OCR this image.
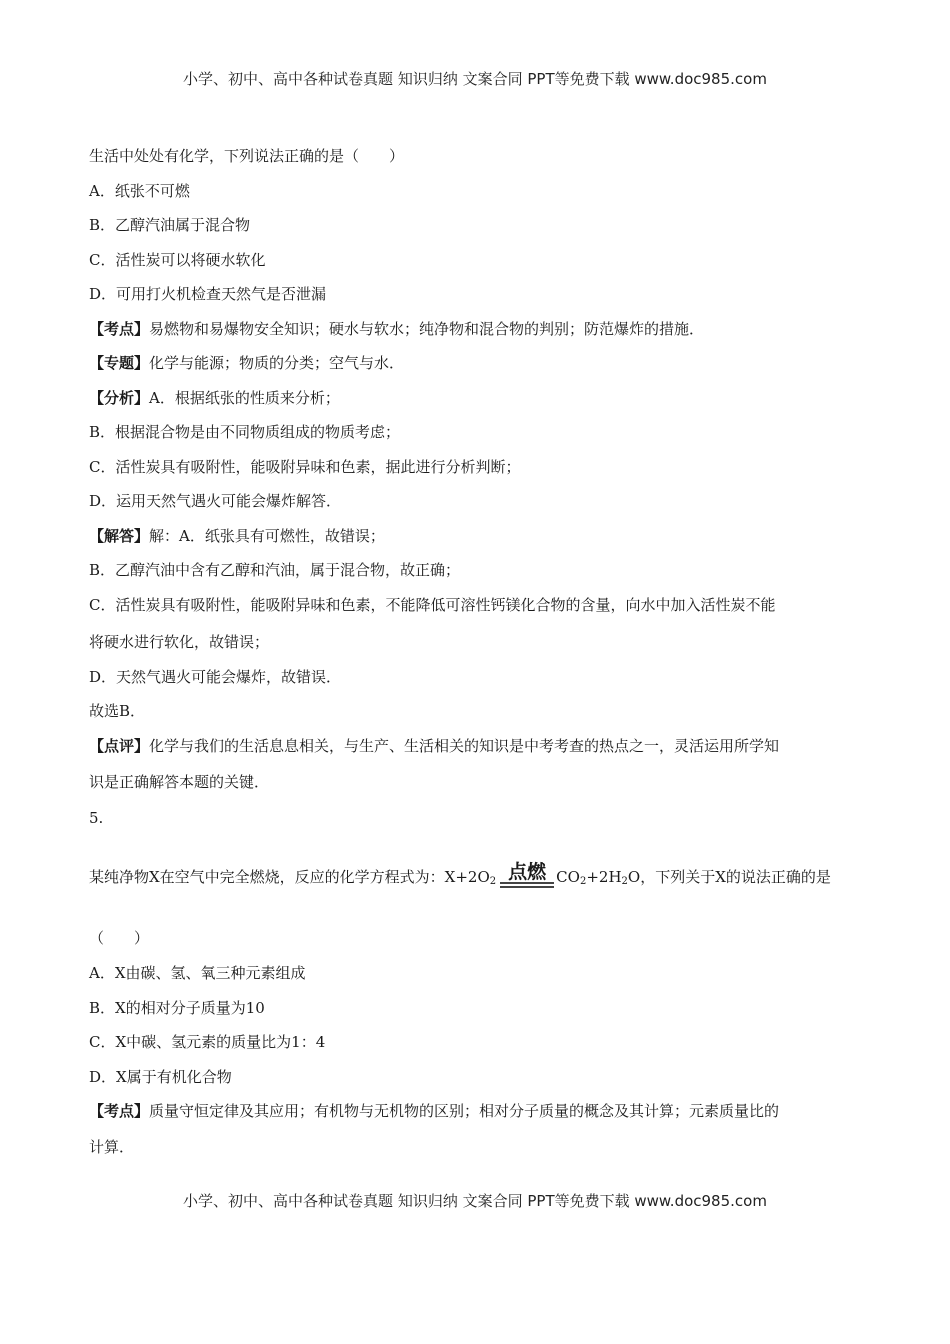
小学、初中、高中各种试卷真题 知识归纳 文案合同 PPT等免费下载 www.doc985.com
生活中处处有化学，下列说法正确的是（　　）
A．纸张不可燃
B．乙醇汽油属于混合物
C．活性炭可以将硬水软化
D．可用打火机检查天然气是否泄漏
【考点】易燃物和易爆物安全知识；硬水与软水；纯净物和混合物的判别；防范爆炸的措施．
【专题】化学与能源；物质的分类；空气与水．
【分析】A．根据纸张的性质来分析；
B．根据混合物是由不同物质组成的物质考虑；
C．活性炭具有吸附性，能吸附异味和色素，据此进行分析判断；
D．运用天然气遇火可能会爆炸解答．
【解答】解：A．纸张具有可燃性，故错误；
B．乙醇汽油中含有乙醇和汽油，属于混合物，故正确；
C．活性炭具有吸附性，能吸附异味和色素，不能降低可溶性钙镁化合物的含量，向水中加入活性炭不能
将硬水进行软化，故错误；
D．天然气遇火可能会爆炸，故错误．
故选B．
【点评】化学与我们的生活息息相关，与生产、生活相关的知识是中考考查的热点之一，灵活运用所学知
识是正确解答本题的关键．
5.
某纯净物X在空气中完全燃烧，反应的化学方程式为：$X+2O_2$ 点燃 $CO_2+2H_2O$，下列关于X的说法正确的是
（　　）
A．X由碳、氢、氧三种元素组成
B．X的相对分子质量为10
C．X中碳、氢元素的质量比为1：4
D．X属于有机化合物
【考点】质量守恒定律及其应用；有机物与无机物的区别；相对分子质量的概念及其计算；元素质量比的
计算．
小学、初中、高中各种试卷真题 知识归纳 文案合同 PPT等免费下载 www.doc985.com
